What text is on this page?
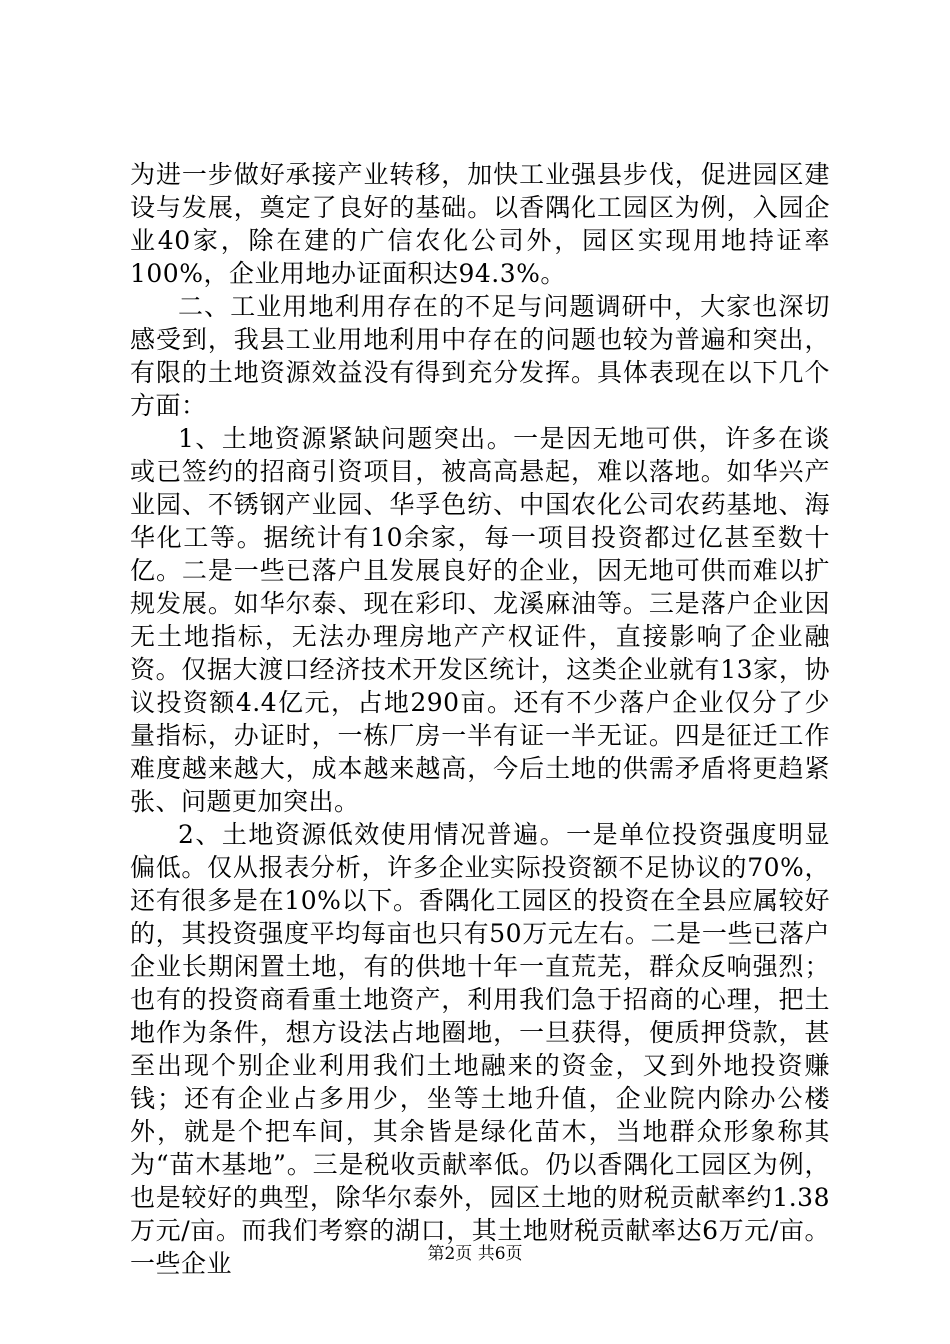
为进一步做好承接产业转移，加快工业强县步伐，促进园区建设与发展，奠定了良好的基础。以香隅化工园区为例，入园企业40家，除在建的广信农化公司外，园区实现用地持证率100%，企业用地办证面积达94.3%。

二、工业用地利用存在的不足与问题调研中，大家也深切感受到，我县工业用地利用中存在的问题也较为普遍和突出，有限的土地资源效益没有得到充分发挥。具体表现在以下几个方面：

1、土地资源紧缺问题突出。一是因无地可供，许多在谈或已签约的招商引资项目，被高高悬起，难以落地。如华兴产业园、不锈钢产业园、华孚色纺、中国农化公司农药基地、海华化工等。据统计有10余家，每一项目投资都过亿甚至数十亿。二是一些已落户且发展良好的企业，因无地可供而难以扩规发展。如华尔泰、现在彩印、龙溪麻油等。三是落户企业因无土地指标，无法办理房地产产权证件，直接影响了企业融资。仅据大渡口经济技术开发区统计，这类企业就有13家，协议投资额4.4亿元，占地290亩。还有不少落户企业仅分了少量指标，办证时，一栋厂房一半有证一半无证。四是征迁工作难度越来越大，成本越来越高，今后土地的供需矛盾将更趋紧张、问题更加突出。

2、土地资源低效使用情况普遍。一是单位投资强度明显偏低。仅从报表分析，许多企业实际投资额不足协议的70%，还有很多是在10%以下。香隅化工园区的投资在全县应属较好的，其投资强度平均每亩也只有50万元左右。二是一些已落户企业长期闲置土地，有的供地十年一直荒芜，群众反响强烈；也有的投资商看重土地资产，利用我们急于招商的心理，把土地作为条件，想方设法占地圈地，一旦获得，便质押贷款，甚至出现个别企业利用我们土地融来的资金，又到外地投资赚钱；还有企业占多用少，坐等土地升值，企业院内除办公楼外，就是个把车间，其余皆是绿化苗木，当地群众形象称其为“苗木基地”。三是税收贡献率低。仍以香隅化工园区为例，也是较好的典型，除华尔泰外，园区土地的财税贡献率约1.38万元/亩。而我们考察的湖口，其土地财税贡献率达6万元/亩。一些企业	第2页 共6页
